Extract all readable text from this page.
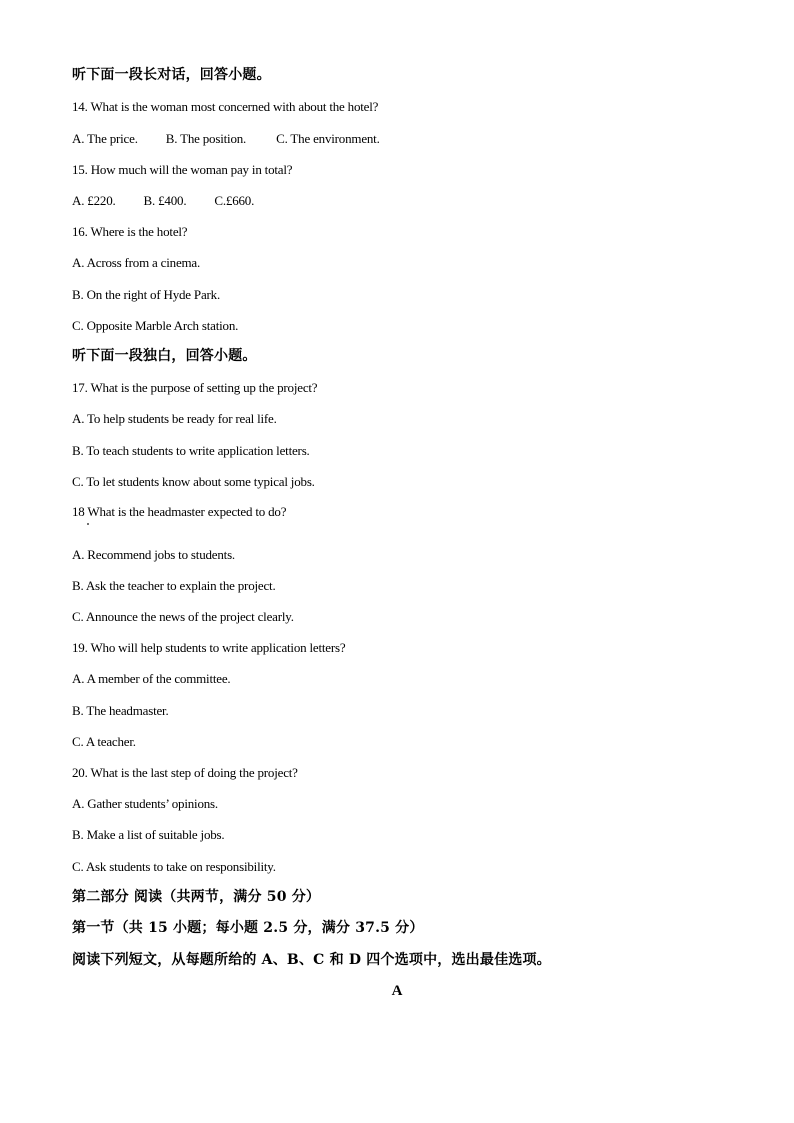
听下面一段长对话，回答小题。
14. What is the woman most concerned with about the hotel?
A. The price. B. The position. C. The environment.
15. How much will the woman pay in total?
A. £220. B. £400. C.£660.
16. Where is the hotel?
A. Across from a cinema.
B. On the right of Hyde Park.
C. Opposite Marble Arch station.
听下面一段独白，回答小题。
17. What is the purpose of setting up the project?
A. To help students be ready for real life.
B. To teach students to write application letters.
C. To let students know about some typical jobs.
18 What is the headmaster expected to do?
A. Recommend jobs to students.
B. Ask the teacher to explain the project.
C. Announce the news of the project clearly.
19. Who will help students to write application letters?
A. A member of the committee.
B. The headmaster.
C. A teacher.
20. What is the last step of doing the project?
A. Gather students’ opinions.
B. Make a list of suitable jobs.
C. Ask students to take on responsibility.
第二部分 阅读（共两节，满分 50 分）
第一节（共 15 小题；每小题 2.5 分，满分 37.5 分）
阅读下列短文，从每题所给的 A、B、C 和 D 四个选项中，选出最佳选项。
A
